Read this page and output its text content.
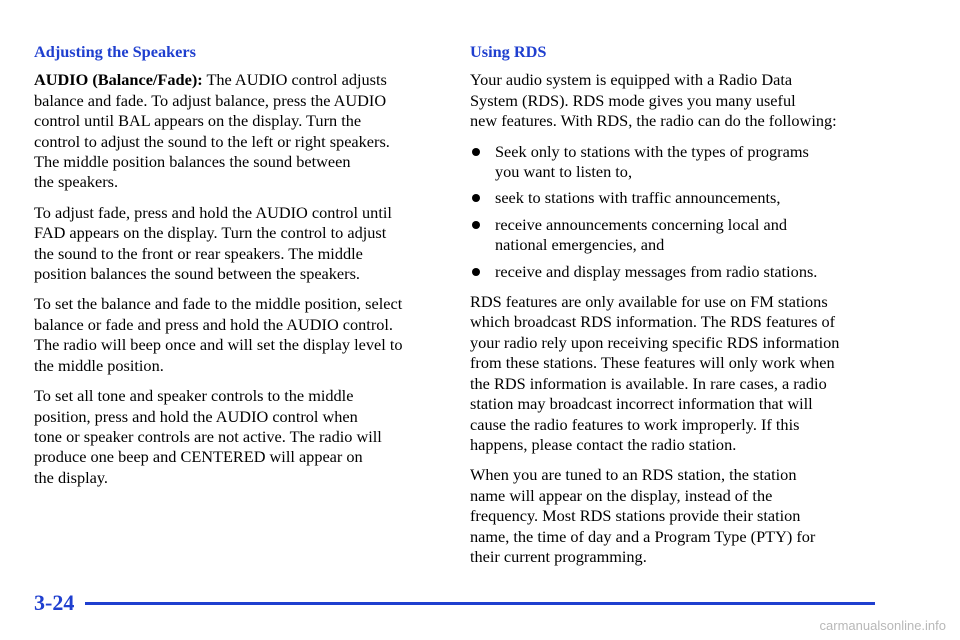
Adjusting the Speakers

AUDIO (Balance/Fade): The AUDIO control adjusts
balance and fade. To adjust balance, press the AUDIO
control until BAL appears on the display. Turn the
control to adjust the sound to the left or right speakers.
The middle position balances the sound between
the speakers.

To adjust fade, press and hold the AUDIO control until
FAD appears on the display. Turn the control to adjust
the sound to the front or rear speakers. The middle
position balances the sound between the speakers.

To set the balance and fade to the middle position, select
balance or fade and press and hold the AUDIO control.
The radio will beep once and will set the display level to
the middle position.

To set all tone and speaker controls to the middle
position, press and hold the AUDIO control when
tone or speaker controls are not active. The radio will
produce one beep and CENTERED will appear on
the display.

Using RDS

Your audio system is equipped with a Radio Data
System (RDS). RDS mode gives you many useful
new features. With RDS, the radio can do the following:

Seek only to stations with the types of programs
you want to listen to,
seek to stations with traffic announcements,
receive announcements concerning local and
national emergencies, and
receive and display messages from radio stations.

RDS features are only available for use on FM stations
which broadcast RDS information. The RDS features of
your radio rely upon receiving specific RDS information
from these stations. These features will only work when
the RDS information is available. In rare cases, a radio
station may broadcast incorrect information that will
cause the radio features to work improperly. If this
happens, please contact the radio station.

When you are tuned to an RDS station, the station
name will appear on the display, instead of the
frequency. Most RDS stations provide their station
name, the time of day and a Program Type (PTY) for
their current programming.

3-24
carmanualsonline.info
